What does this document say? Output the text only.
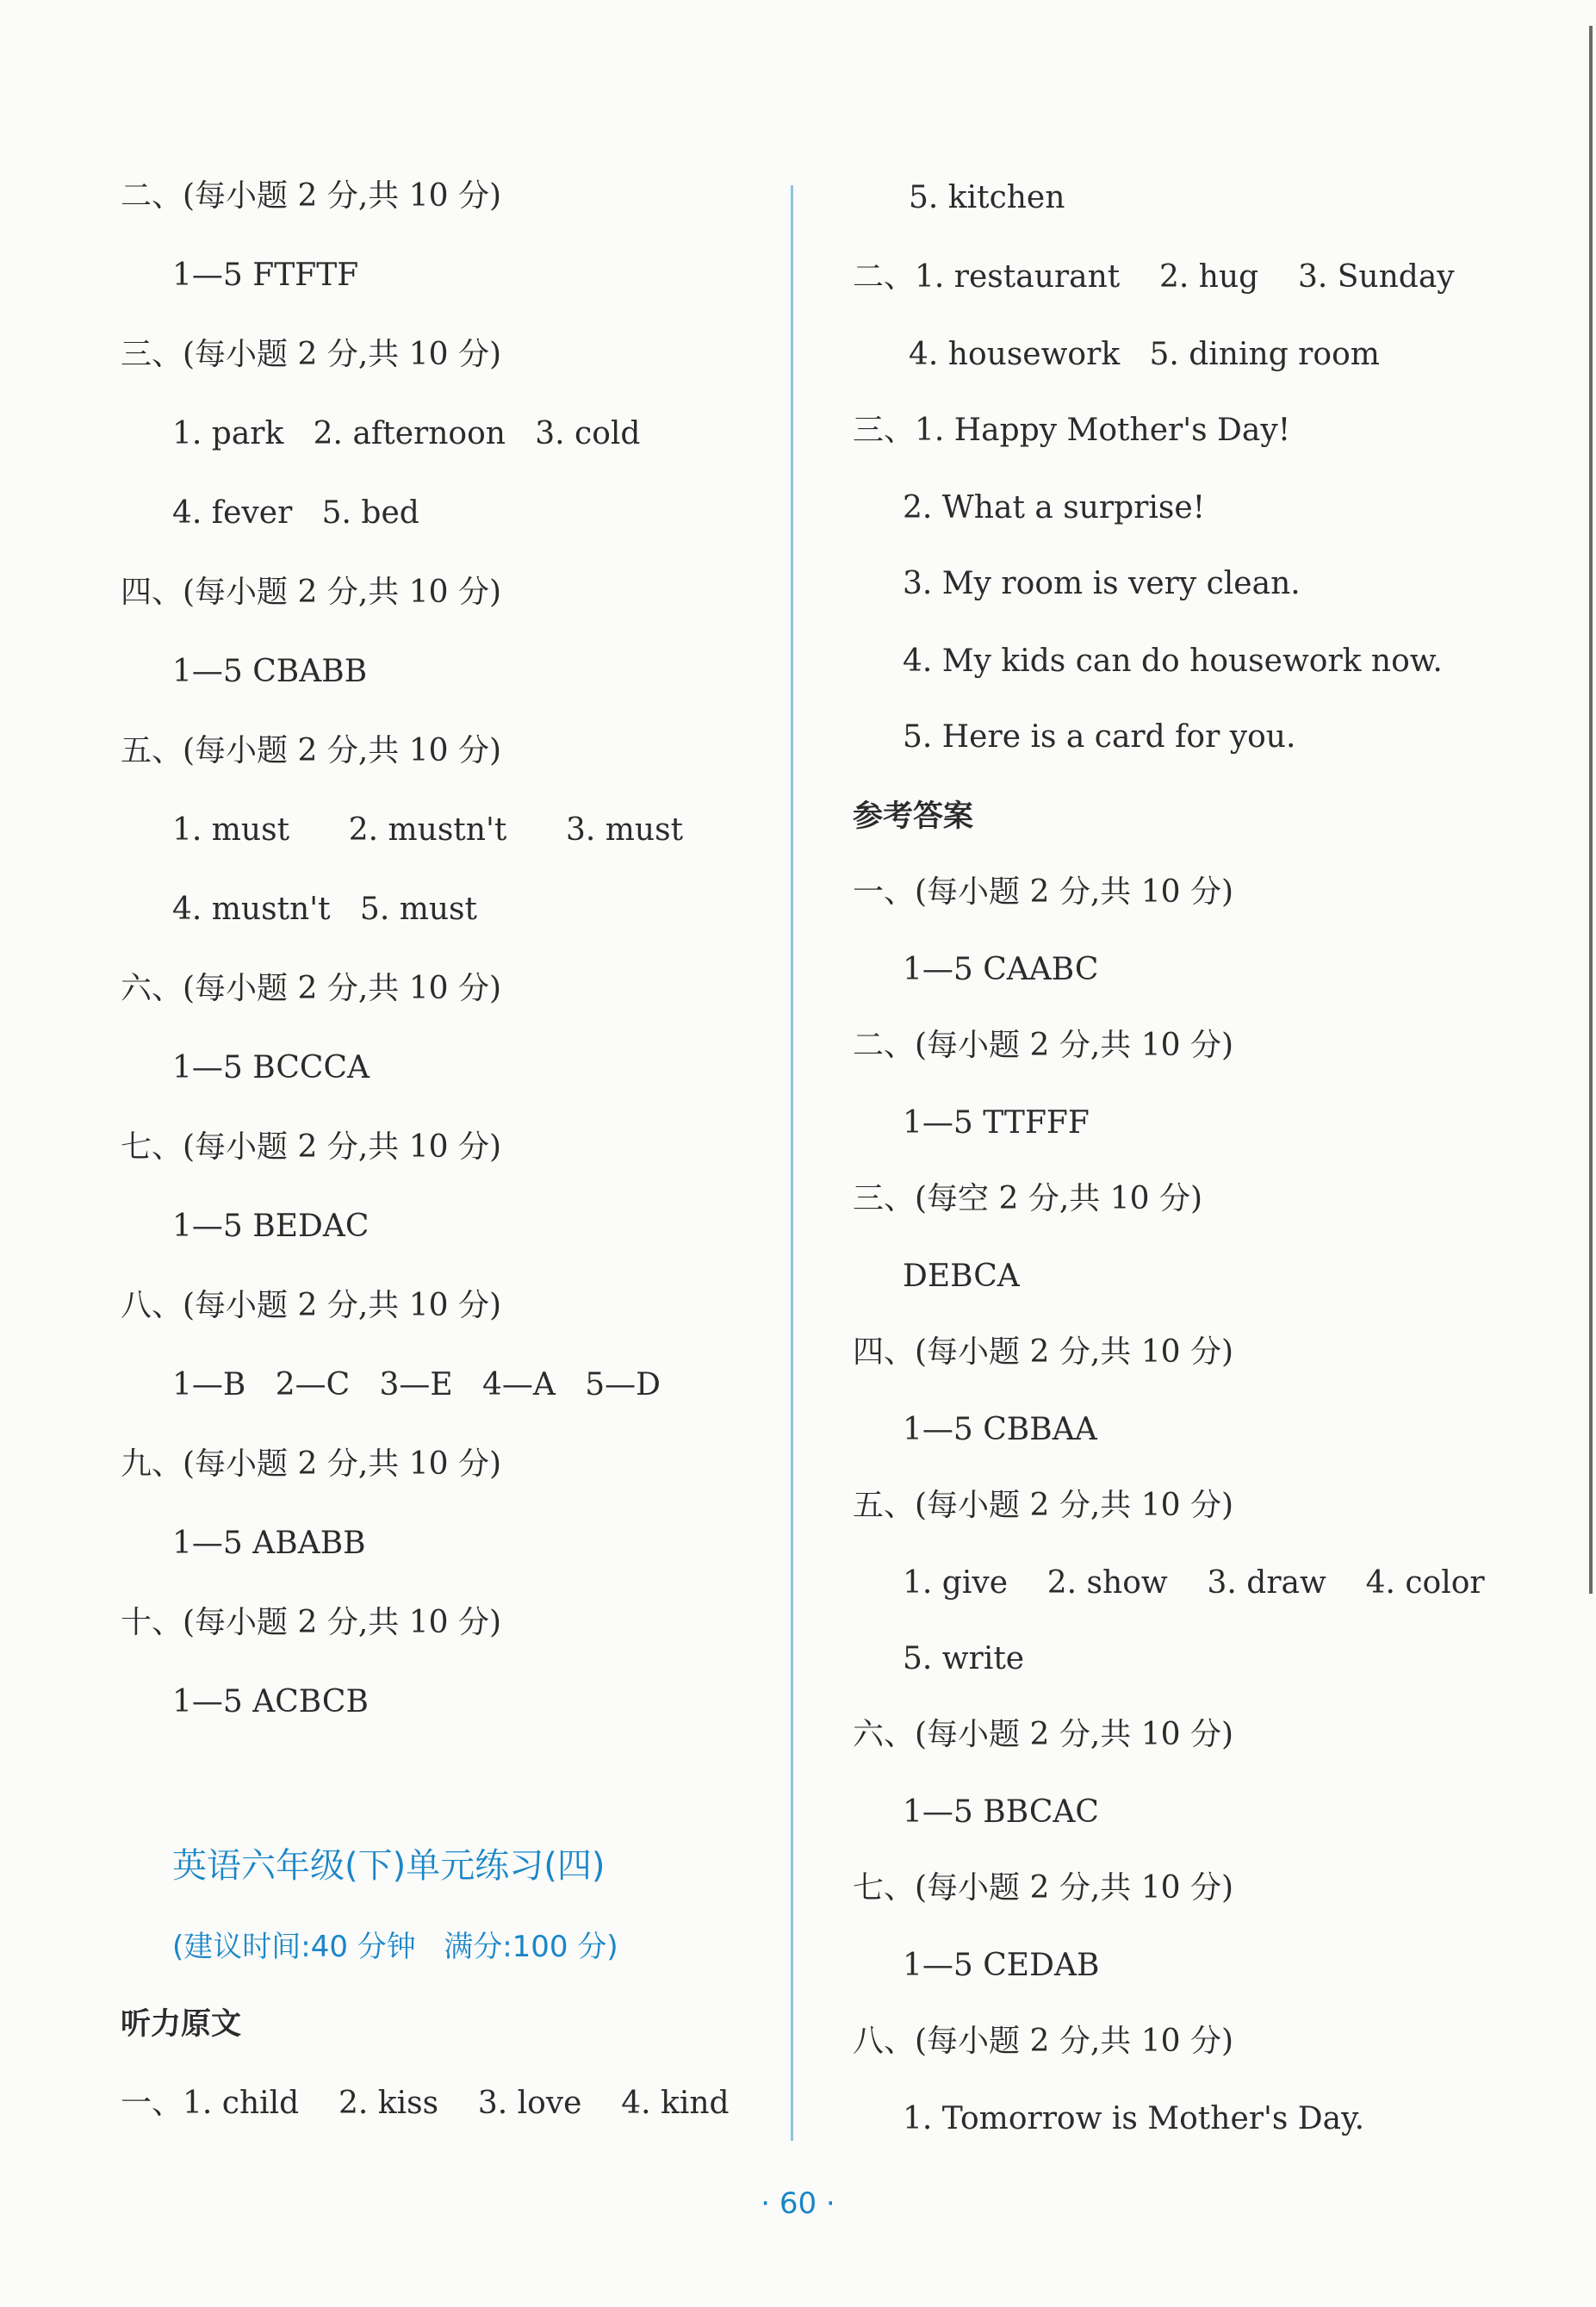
二、(每小题 2 分,共 10 分)
1—5 FTFTF
三、(每小题 2 分,共 10 分)
1. park   2. afternoon   3. cold
4. fever   5. bed
四、(每小题 2 分,共 10 分)
1—5 CBABB
五、(每小题 2 分,共 10 分)
1. must      2. mustn't      3. must
4. mustn't   5. must
六、(每小题 2 分,共 10 分)
1—5 BCCCA
七、(每小题 2 分,共 10 分)
1—5 BEDAC
八、(每小题 2 分,共 10 分)
1—B   2—C   3—E   4—A   5—D
九、(每小题 2 分,共 10 分)
1—5 ABABB
十、(每小题 2 分,共 10 分)
1—5 ACBCB
英语六年级(下)单元练习(四)
(建议时间:40 分钟   满分:100 分)
听力原文
一、1. child    2. kiss    3. love    4. kind
5. kitchen
二、1. restaurant    2. hug    3. Sunday
4. housework   5. dining room
三、1. Happy Mother's Day!
2. What a surprise!
3. My room is very clean.
4. My kids can do housework now.
5. Here is a card for you.
参考答案
一、(每小题 2 分,共 10 分)
1—5 CAABC
二、(每小题 2 分,共 10 分)
1—5 TTFFF
三、(每空 2 分,共 10 分)
DEBCA
四、(每小题 2 分,共 10 分)
1—5 CBBAA
五、(每小题 2 分,共 10 分)
1. give    2. show    3. draw    4. color
5. write
六、(每小题 2 分,共 10 分)
1—5 BBCAC
七、(每小题 2 分,共 10 分)
1—5 CEDAB
八、(每小题 2 分,共 10 分)
1. Tomorrow is Mother's Day.
· 60 ·
